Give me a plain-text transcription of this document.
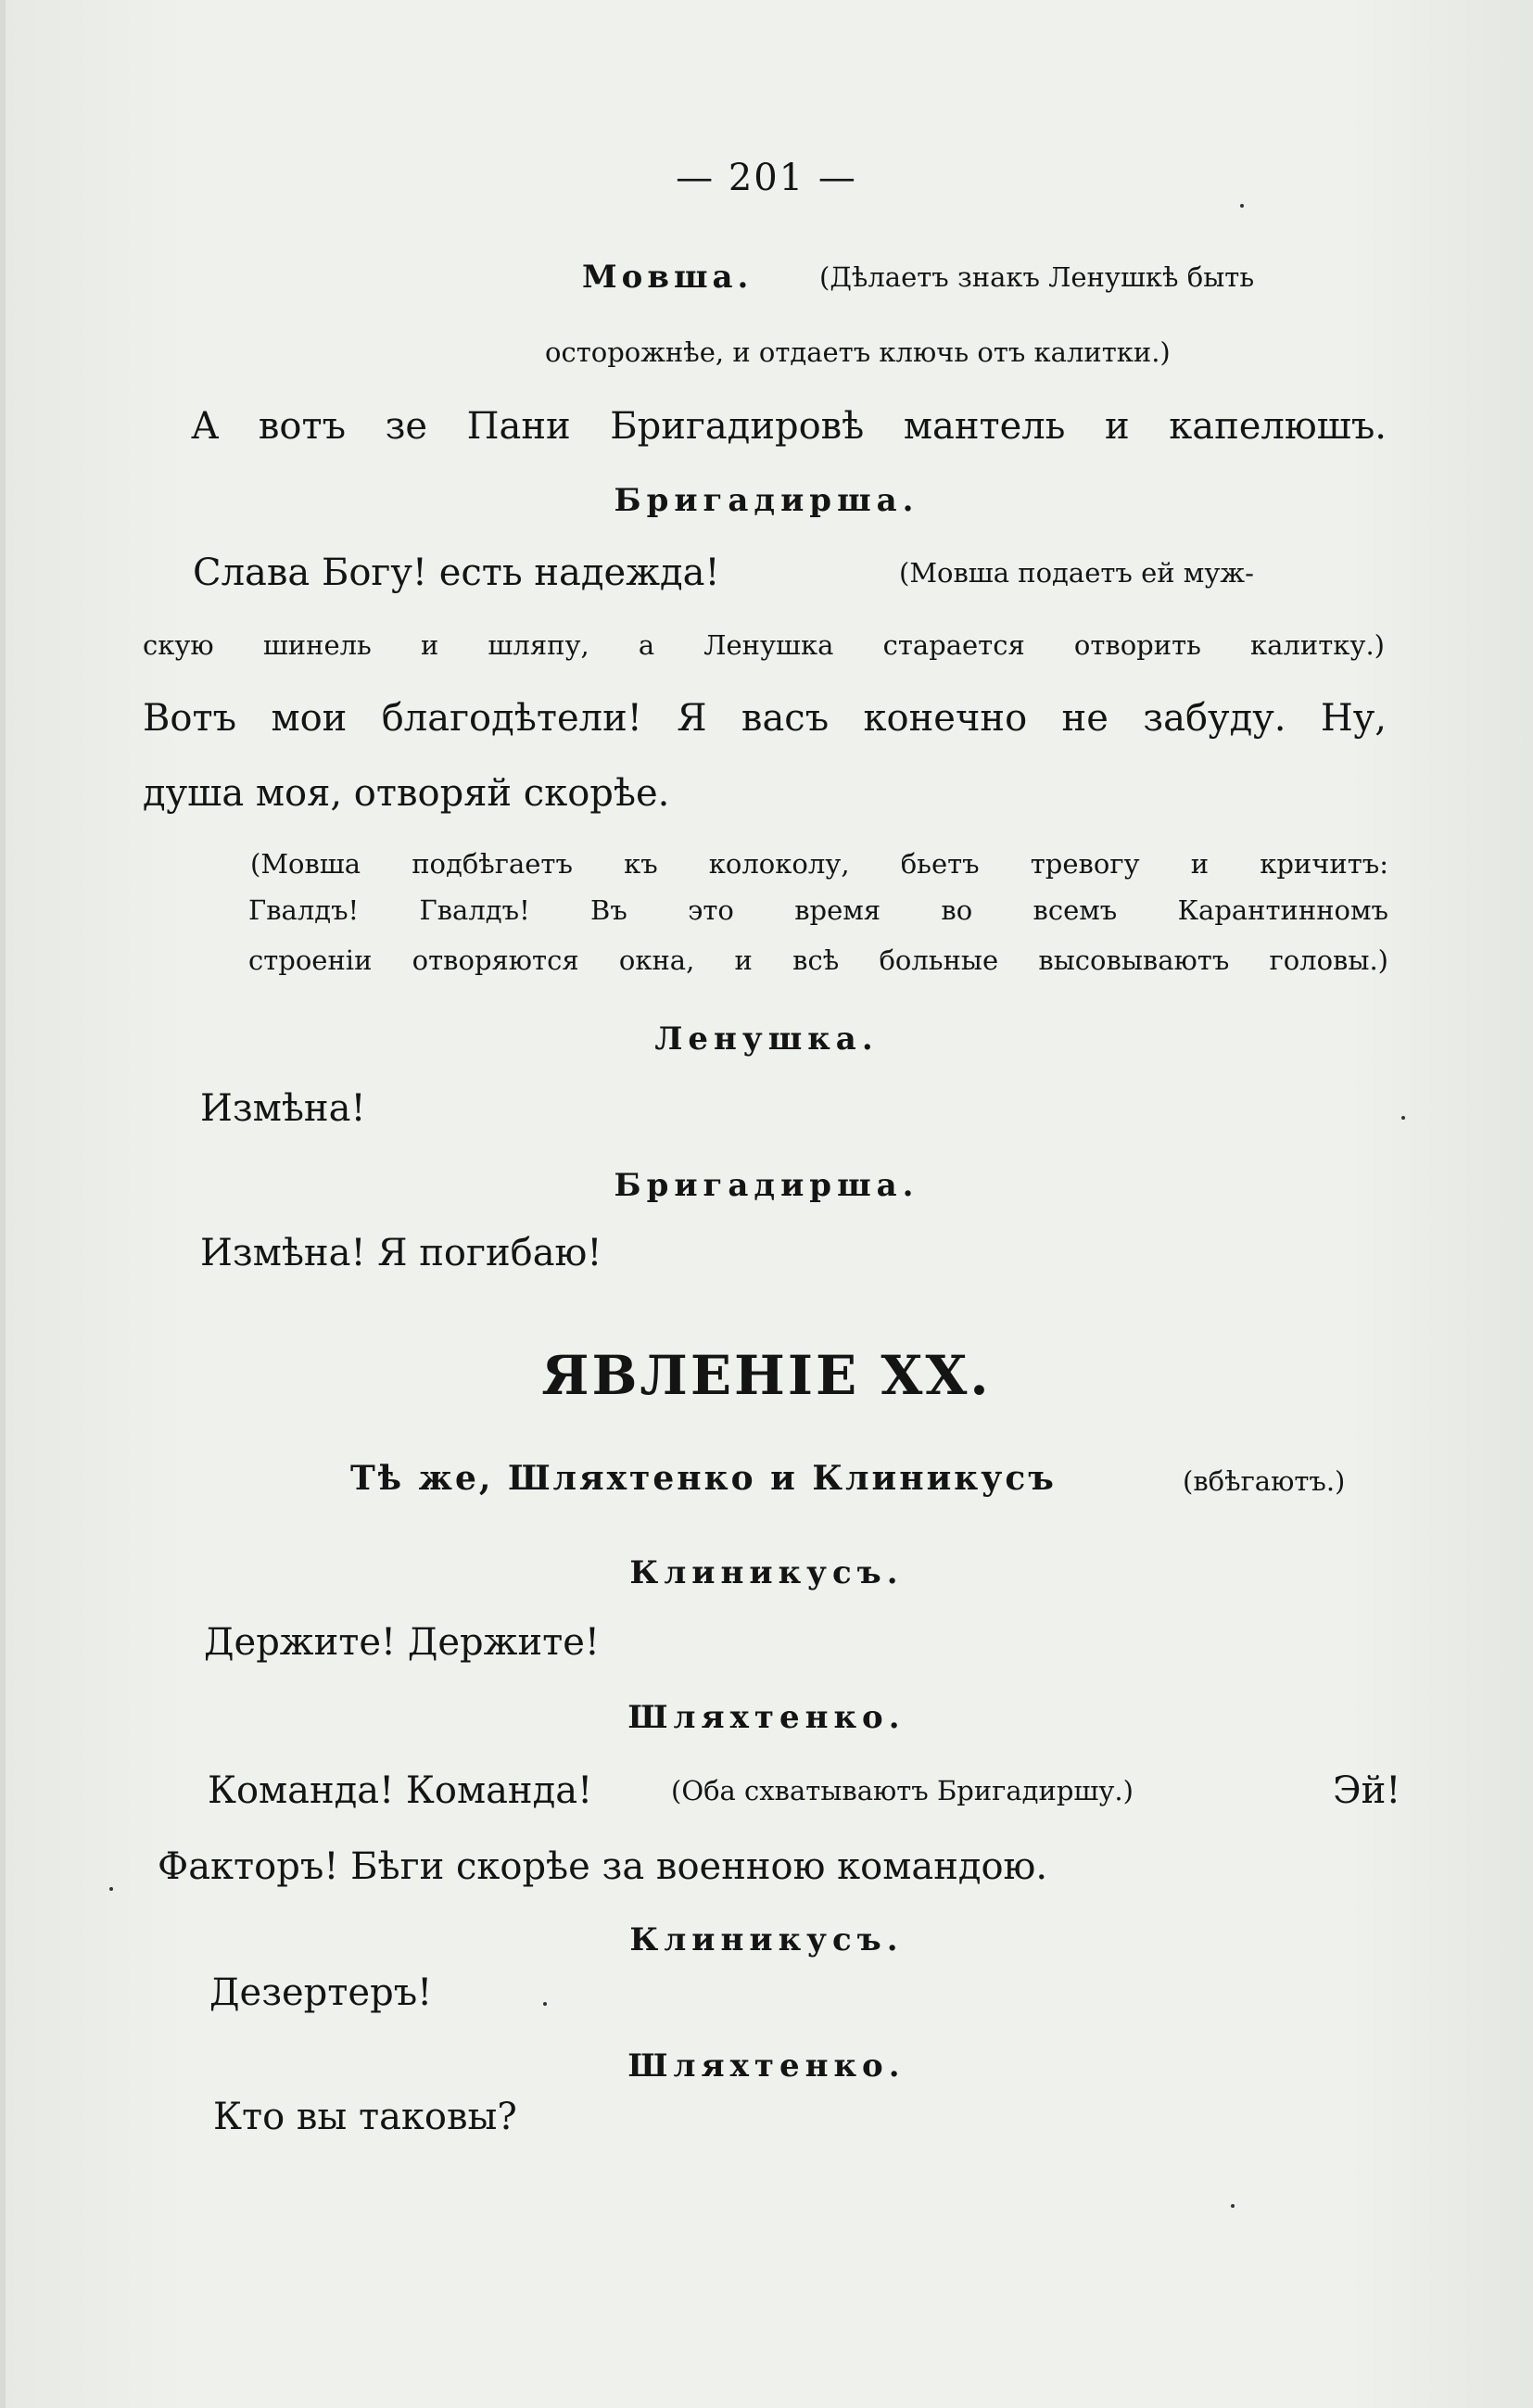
— 201 —
Мовша. (Дѣлаетъ знакъ Ленушкѣ быть
осторожнѣе, и отдаетъ ключь отъ калитки.)
А вотъ зе Пани Бригадировѣ мантель и капелюшъ.
Бригадирша.
Слава Богу! есть надежда!	(Мовша подаетъ ей муж-
скую шинель и шляпу, а Ленушка старается отворить калитку.)
Вотъ мои благодѣтели! Я васъ конечно не забуду. Ну,
душа моя, отворяй скорѣе.
(Мовша подбѣгаетъ къ колоколу, бьетъ тревогу и кричитъ:
Гвалдъ! Гвалдъ! Въ это время во всемъ Карантинномъ
строеніи отворяются окна, и всѣ больные высовываютъ головы.)
Ленушка.
Измѣна!
Бригадирша.
Измѣна! Я погибаю!
ЯВЛЕНІЕ XX.
Тѣ же, Шляхтенко и Клиникусъ	(вбѣгаютъ.)
Клиникусъ.
Держите! Держите!
Шляхтенко.
Команда! Команда!	(Оба схватываютъ Бригадиршу.)	Эй!
Факторъ! Бѣги скорѣе за военною командою.
Клиникусъ.
Дезертеръ!
Шляхтенко.
Кто вы таковы?
